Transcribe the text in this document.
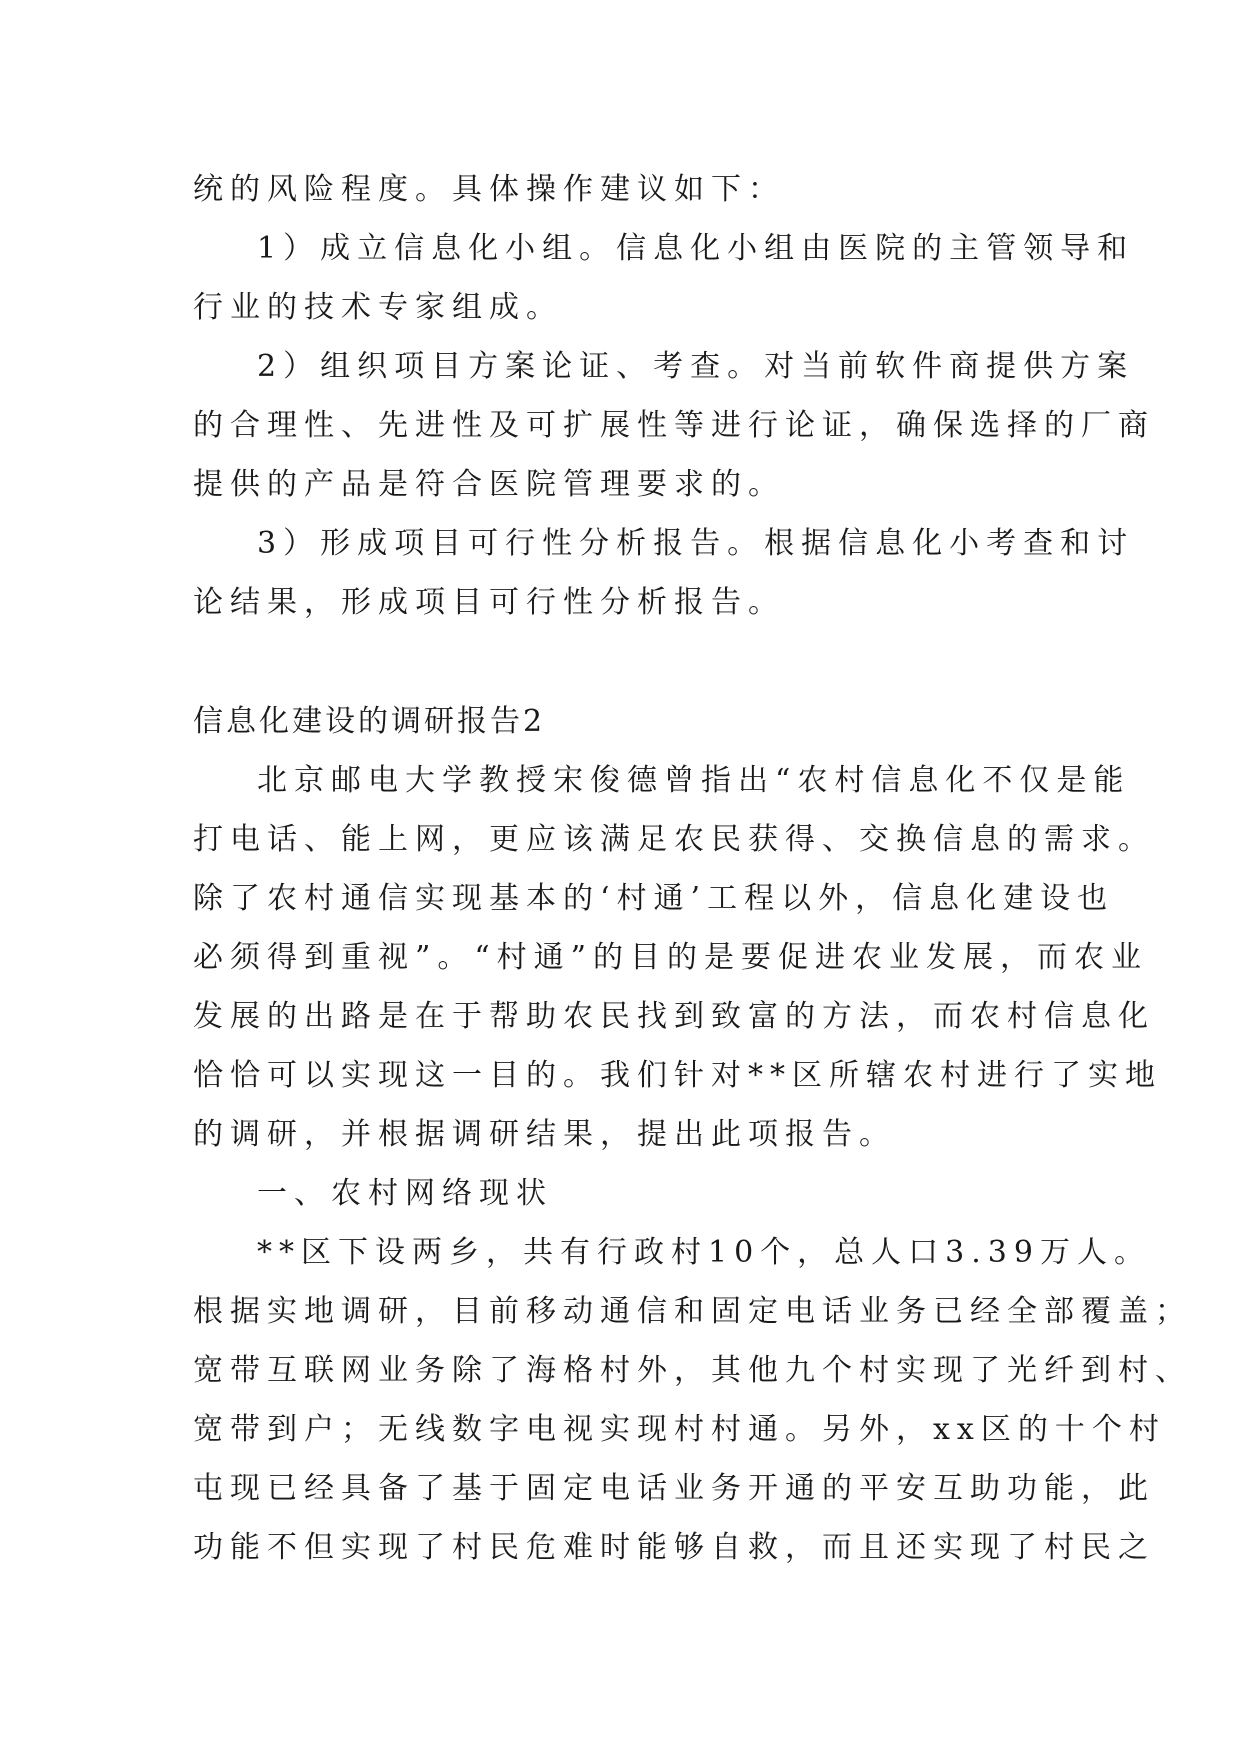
统的风险程度。具体操作建议如下：

1）成立信息化小组。信息化小组由医院的主管领导和

行业的技术专家组成。

2）组织项目方案论证、考查。对当前软件商提供方案

的合理性、先进性及可扩展性等进行论证，确保选择的厂商

提供的产品是符合医院管理要求的。

3）形成项目可行性分析报告。根据信息化小考查和讨

论结果，形成项目可行性分析报告。

信息化建设的调研报告2

北京邮电大学教授宋俊德曾指出“农村信息化不仅是能

打电话、能上网，更应该满足农民获得、交换信息的需求。

除了农村通信实现基本的‘村通’工程以外，信息化建设也

必须得到重视”。“村通”的目的是要促进农业发展，而农业

发展的出路是在于帮助农民找到致富的方法，而农村信息化

恰恰可以实现这一目的。我们针对**区所辖农村进行了实地

的调研，并根据调研结果，提出此项报告。

一、农村网络现状

**区下设两乡，共有行政村10个，总人口3.39万人。

根据实地调研，目前移动通信和固定电话业务已经全部覆盖；

宽带互联网业务除了海格村外，其他九个村实现了光纤到村、

宽带到户；无线数字电视实现村村通。另外，xx区的十个村

屯现已经具备了基于固定电话业务开通的平安互助功能，此

功能不但实现了村民危难时能够自救，而且还实现了村民之
